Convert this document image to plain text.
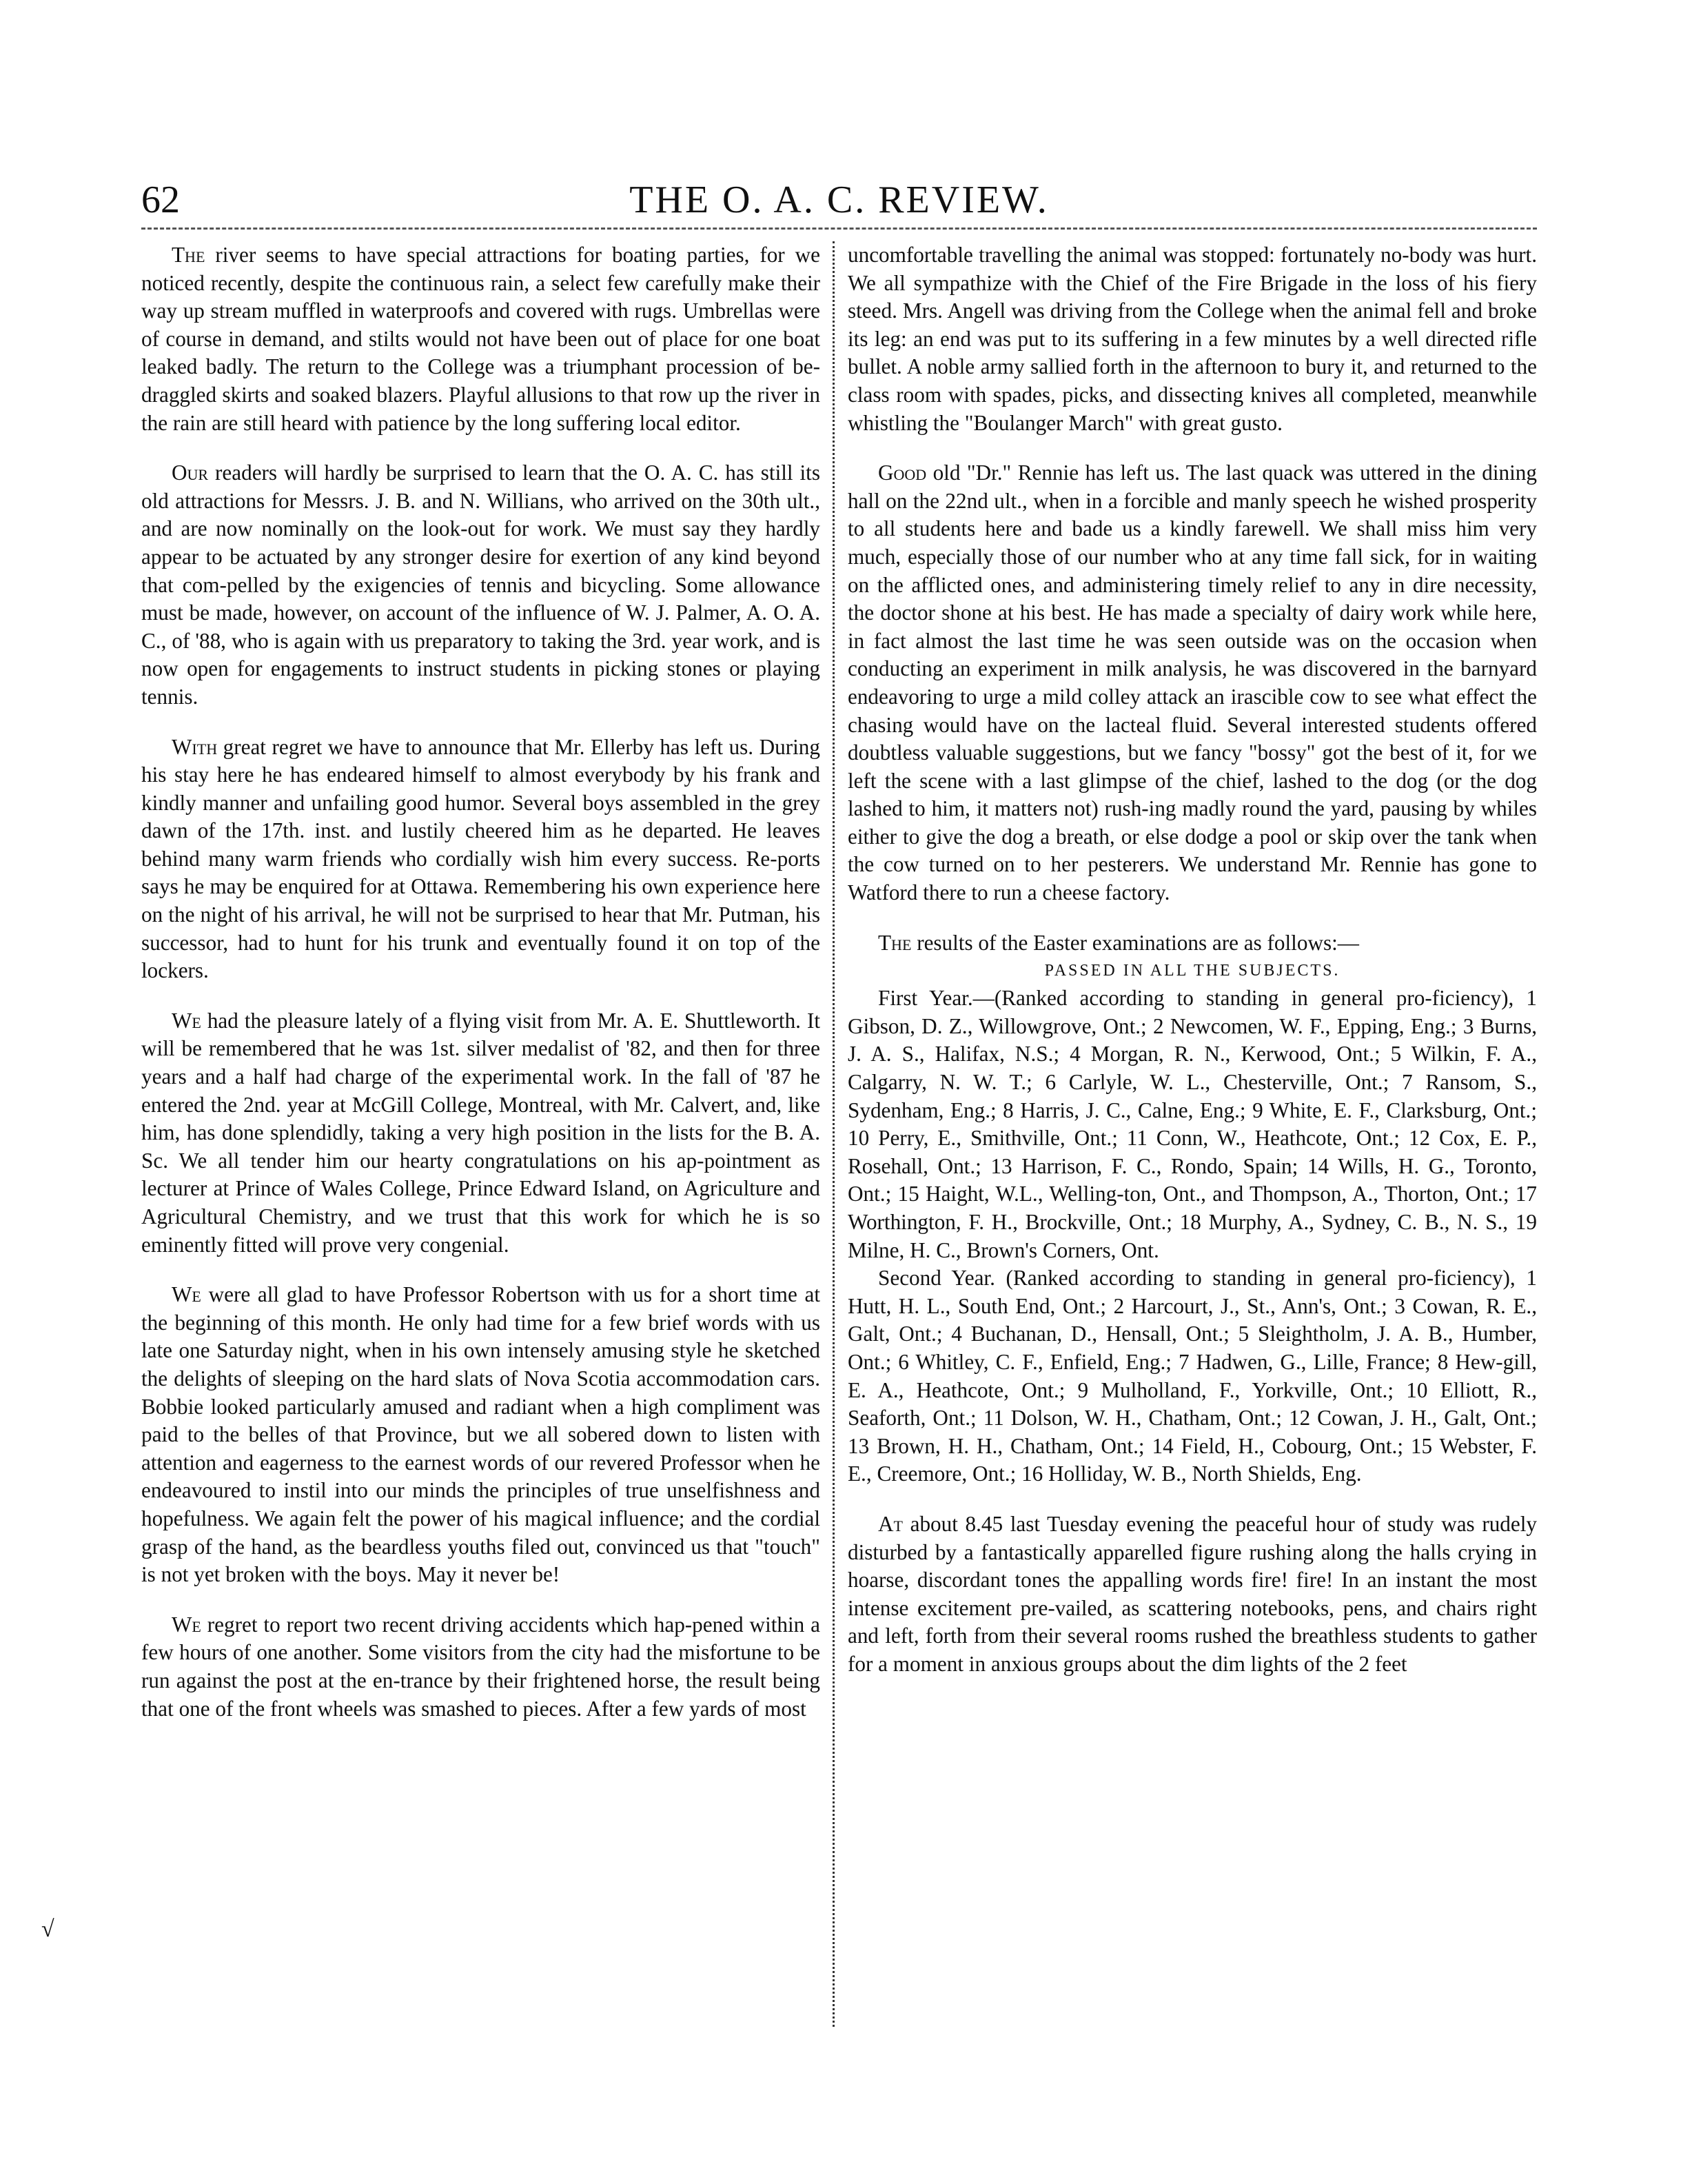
62	THE O. A. C. REVIEW.

The river seems to have special attractions for boating parties, for we noticed recently, despite the continuous rain, a select few carefully make their way up stream muffled in waterproofs and covered with rugs. Umbrellas were of course in demand, and stilts would not have been out of place for one boat leaked badly. The return to the College was a triumphant procession of be-draggled skirts and soaked blazers. Playful allusions to that row up the river in the rain are still heard with patience by the long suffering local editor.

Our readers will hardly be surprised to learn that the O. A. C. has still its old attractions for Messrs. J. B. and N. Willians, who arrived on the 30th ult., and are now nominally on the look-out for work. We must say they hardly appear to be actuated by any stronger desire for exertion of any kind beyond that com-pelled by the exigencies of tennis and bicycling. Some allowance must be made, however, on account of the influence of W. J. Palmer, A. O. A. C., of '88, who is again with us preparatory to taking the 3rd. year work, and is now open for engagements to instruct students in picking stones or playing tennis.

With great regret we have to announce that Mr. Ellerby has left us. During his stay here he has endeared himself to almost everybody by his frank and kindly manner and unfailing good humor. Several boys assembled in the grey dawn of the 17th. inst. and lustily cheered him as he departed. He leaves behind many warm friends who cordially wish him every success. Re-ports says he may be enquired for at Ottawa. Remembering his own experience here on the night of his arrival, he will not be surprised to hear that Mr. Putman, his successor, had to hunt for his trunk and eventually found it on top of the lockers.

We had the pleasure lately of a flying visit from Mr. A. E. Shuttleworth. It will be remembered that he was 1st. silver medalist of '82, and then for three years and a half had charge of the experimental work. In the fall of '87 he entered the 2nd. year at McGill College, Montreal, with Mr. Calvert, and, like him, has done splendidly, taking a very high position in the lists for the B. A. Sc. We all tender him our hearty congratulations on his ap-pointment as lecturer at Prince of Wales College, Prince Edward Island, on Agriculture and Agricultural Chemistry, and we trust that this work for which he is so eminently fitted will prove very congenial.

We were all glad to have Professor Robertson with us for a short time at the beginning of this month. He only had time for a few brief words with us late one Saturday night, when in his own intensely amusing style he sketched the delights of sleeping on the hard slats of Nova Scotia accommodation cars. Bobbie looked particularly amused and radiant when a high compliment was paid to the belles of that Province, but we all sobered down to listen with attention and eagerness to the earnest words of our revered Professor when he endeavoured to instil into our minds the principles of true unselfishness and hopefulness. We again felt the power of his magical influence; and the cordial grasp of the hand, as the beardless youths filed out, convinced us that "touch" is not yet broken with the boys. May it never be!

We regret to report two recent driving accidents which hap-pened within a few hours of one another. Some visitors from the city had the misfortune to be run against the post at the en-trance by their frightened horse, the result being that one of the front wheels was smashed to pieces. After a few yards of most

uncomfortable travelling the animal was stopped: fortunately no-body was hurt. We all sympathize with the Chief of the Fire Brigade in the loss of his fiery steed. Mrs. Angell was driving from the College when the animal fell and broke its leg: an end was put to its suffering in a few minutes by a well directed rifle bullet. A noble army sallied forth in the afternoon to bury it, and returned to the class room with spades, picks, and dissecting knives all completed, meanwhile whistling the "Boulanger March" with great gusto.

Good old "Dr." Rennie has left us. The last quack was uttered in the dining hall on the 22nd ult., when in a forcible and manly speech he wished prosperity to all students here and bade us a kindly farewell. We shall miss him very much, especially those of our number who at any time fall sick, for in waiting on the afflicted ones, and administering timely relief to any in dire necessity, the doctor shone at his best. He has made a specialty of dairy work while here, in fact almost the last time he was seen outside was on the occasion when conducting an experiment in milk analysis, he was discovered in the barnyard endeavoring to urge a mild colley attack an irascible cow to see what effect the chasing would have on the lacteal fluid. Several interested students offered doubtless valuable suggestions, but we fancy "bossy" got the best of it, for we left the scene with a last glimpse of the chief, lashed to the dog (or the dog lashed to him, it matters not) rush-ing madly round the yard, pausing by whiles either to give the dog a breath, or else dodge a pool or skip over the tank when the cow turned on to her pesterers. We understand Mr. Rennie has gone to Watford there to run a cheese factory.

The results of the Easter examinations are as follows:—

PASSED IN ALL THE SUBJECTS.

First Year.—(Ranked according to standing in general pro-ficiency), 1 Gibson, D. Z., Willowgrove, Ont.; 2 Newcomen, W. F., Epping, Eng.; 3 Burns, J. A. S., Halifax, N.S.; 4 Morgan, R. N., Kerwood, Ont.; 5 Wilkin, F. A., Calgarry, N. W. T.; 6 Carlyle, W. L., Chesterville, Ont.; 7 Ransom, S., Sydenham, Eng.; 8 Harris, J. C., Calne, Eng.; 9 White, E. F., Clarksburg, Ont.; 10 Perry, E., Smithville, Ont.; 11 Conn, W., Heathcote, Ont.; 12 Cox, E. P., Rosehall, Ont.; 13 Harrison, F. C., Rondo, Spain; 14 Wills, H. G., Toronto, Ont.; 15 Haight, W.L., Welling-ton, Ont., and Thompson, A., Thorton, Ont.; 17 Worthington, F. H., Brockville, Ont.; 18 Murphy, A., Sydney, C. B., N. S., 19 Milne, H. C., Brown's Corners, Ont.

Second Year. (Ranked according to standing in general pro-ficiency), 1 Hutt, H. L., South End, Ont.; 2 Harcourt, J., St., Ann's, Ont.; 3 Cowan, R. E., Galt, Ont.; 4 Buchanan, D., Hensall, Ont.; 5 Sleightholm, J. A. B., Humber, Ont.; 6 Whitley, C. F., Enfield, Eng.; 7 Hadwen, G., Lille, France; 8 Hew-gill, E. A., Heathcote, Ont.; 9 Mulholland, F., Yorkville, Ont.; 10 Elliott, R., Seaforth, Ont.; 11 Dolson, W. H., Chatham, Ont.; 12 Cowan, J. H., Galt, Ont.; 13 Brown, H. H., Chatham, Ont.; 14 Field, H., Cobourg, Ont.; 15 Webster, F. E., Creemore, Ont.; 16 Holliday, W. B., North Shields, Eng.

At about 8.45 last Tuesday evening the peaceful hour of study was rudely disturbed by a fantastically apparelled figure rushing along the halls crying in hoarse, discordant tones the appalling words fire! fire! In an instant the most intense excitement pre-vailed, as scattering notebooks, pens, and chairs right and left, forth from their several rooms rushed the breathless students to gather for a moment in anxious groups about the dim lights of the 2 feet

√
